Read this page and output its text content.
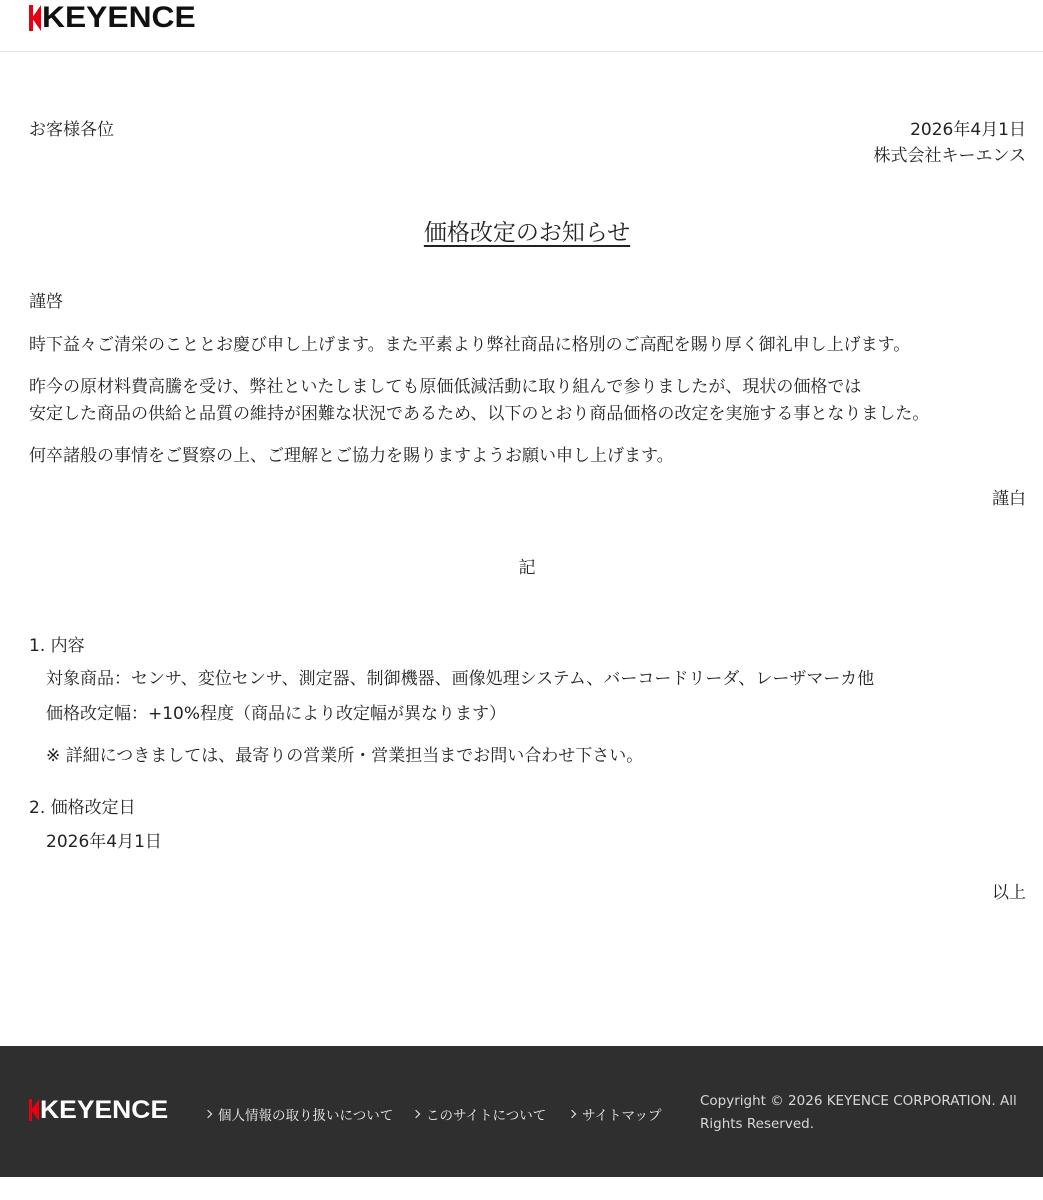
KEYENCE
お客様各位	2026年4月1日
株式会社キーエンス
価格改定のお知らせ
謹啓
時下益々ご清栄のこととお慶び申し上げます。また平素より弊社商品に格別のご高配を賜り厚く御礼申し上げます。
昨今の原材料費高騰を受け、弊社といたしましても原価低減活動に取り組んで参りましたが、現状の価格では
安定した商品の供給と品質の維持が困難な状況であるため、以下のとおり商品価格の改定を実施する事となりました。
何卒諸般の事情をご賢察の上、ご理解とご協力を賜りますようお願い申し上げます。
謹白
記
1. 内容
対象商品：センサ、変位センサ、測定器、制御機器、画像処理システム、バーコードリーダ、レーザマーカ他
価格改定幅：+10%程度（商品により改定幅が異なります）
※ 詳細につきましては、最寄りの営業所・営業担当までお問い合わせ下さい。
2. 価格改定日
2026年4月1日
以上
KEYENCE	個人情報の取り扱いについて このサイトについて	サイトマップ
Copyright © 2026 KEYENCE CORPORATION. All Rights Reserved.
